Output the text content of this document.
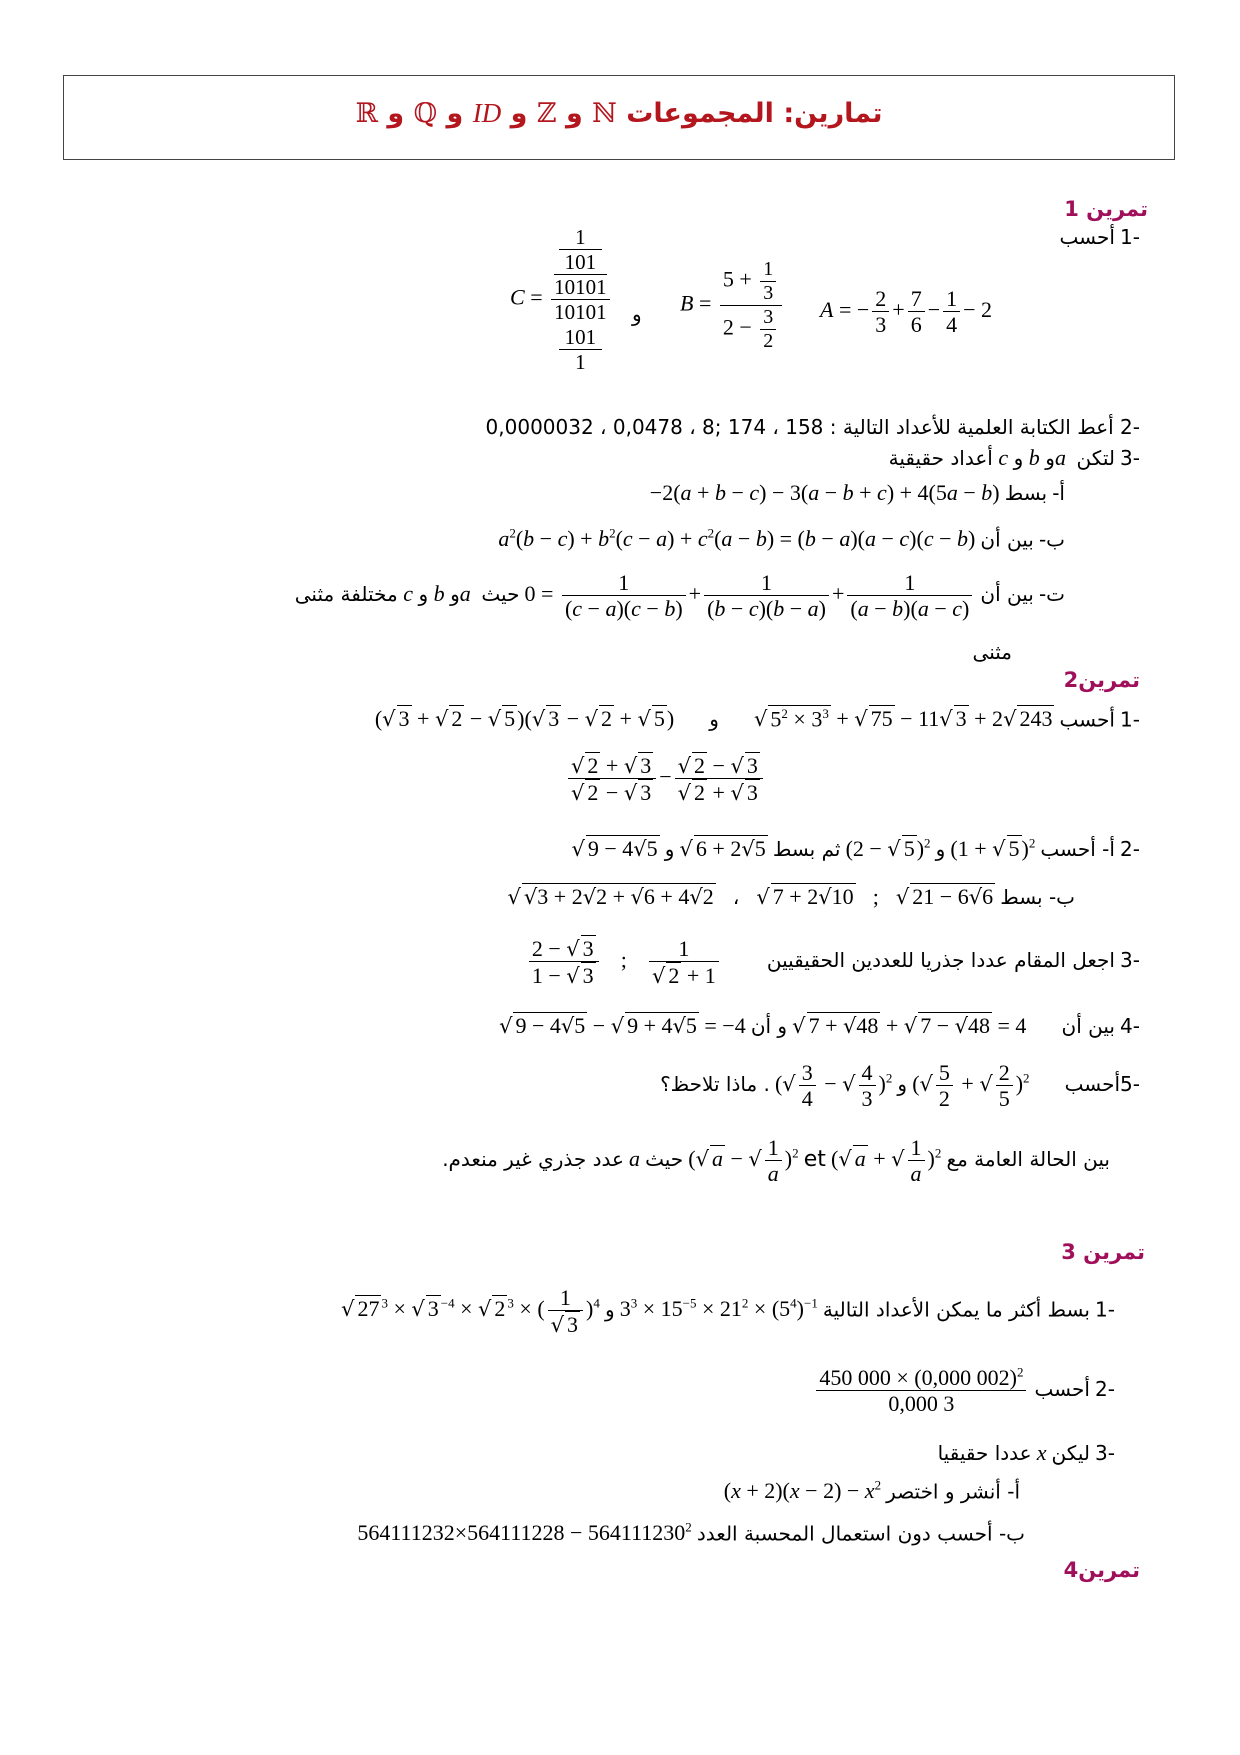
تمارين: المجموعات ℕ و ℤ و ID و ℚ و ℝ
تمرين 1
-1 أحسب
A = − $\frac{2}{3} + \frac{7}{6} - \frac{1}{4} - 2$
$B = \frac{5 + \frac{1}{3}}{2 - \frac{3}{2}}$
و
C =
1
101
10101
10101
101
1
-2 أعط الكتابة العلمية للأعداد التالية : 158 ، 174 ;8 ، 0,0478 ، 0,0000032
-3 لتكن a و b و c أعداد حقيقية
أ- بسط −2(a + b − c) − 3(a − b + c) + 4(5a − b)
ب- بين أن $a^2(b - c) + b^2(c - a) + c^2(a - b) = (b - a)(a - c)(c - b)$
ت- بين أن $0 = \frac{1}{(c - a)(c - b)} + \frac{1}{(b - c)(b - a)} + \frac{1}{(a - b)(a - c)}$
حيث a و b و c مختلفة مثنى
مثنى
تمرين2
-1 أحسب √ $5^2 \times 3^3$ + √ 75 − 11√ 3 + 2√ 243 و (√ 3 + √ 2 − √ 5)(√ 3 − √ 2 + √ 5)
$\frac{√ 2 + √ 3}{√ 2 - √ 3} - \frac{√ 2 - √ 3}{√ 2 + √ 3}$
-2 أ- أحسب (1 + √ 5)$^2$ و (2 − √ 5)$^2$ ثم بسط √ 6 + 2√5 و √ 9 − 4√5
ب- بسط √ 21 − 6√6 ; √ 7 + 2√10 ، √ √3 + 2√2 + √6 + 4√2
-3 اجعل المقام عددا جذريا للعددين الحقيقيين
$\frac{1}{√ 2 + 1}$
;
$\frac{2 - √ 3}{1 - √ 3}$
-4 بين أن √ 7 + √48 + √ 7 − √48 = 4 و أن √ 9 − 4√5 − √ 9 + 4√5 = −4
-5أحسب (√ $\frac{5}{2}$ + √ $\frac{2}{5} )^2$ و (√ $\frac{3}{4}$ − √ $\frac{4}{3} )^2$ . ماذا تلاحظ؟
بين الحالة العامة مع (√ a + √ $\frac{1}{a} )^2$ et (√ a − √ $\frac{1}{a} )^2$ حيث a عدد جذري غير منعدم.
تمرين 3
-1 بسط أكثر ما يمكن الأعداد التالية $3^3 \times 15^{-5} \times 21^2 \times (5^4)^{-1}$ و √ 27 $^3$ × √ 3 $^{-4}$ × √ 2 $^3$ × ( $\frac{1}{√ 3} )^4$
-2 أحسب
$\frac{450 000 \times (0,000 002)^2}{0,000 3}$
-3 ليكن x عددا حقيقيا
أ- أنشر و اختصر $(x + 2)(x - 2) - x^2$
ب- أحسب دون استعمال المحسبة العدد $564111232\times 564111228 - 564111230^2$
تمرين4
